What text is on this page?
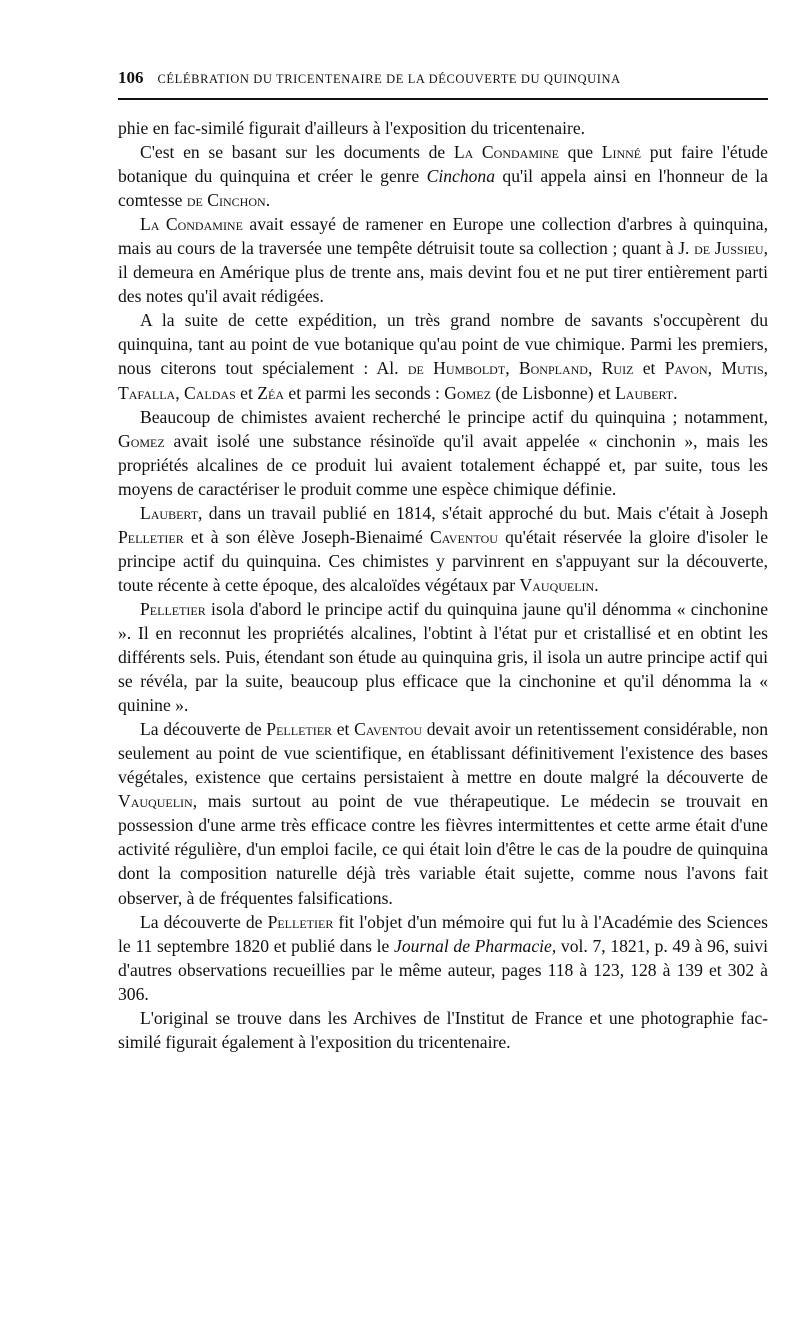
106 CÉLÉBRATION DU TRICENTENAIRE DE LA DÉCOUVERTE DU QUINQUINA

phie en fac-similé figurait d'ailleurs à l'exposition du tricentenaire.

C'est en se basant sur les documents de La Condamine que Linné put faire l'étude botanique du quinquina et créer le genre Cinchona qu'il appela ainsi en l'honneur de la comtesse de Cinchon.

La Condamine avait essayé de ramener en Europe une collection d'arbres à quinquina, mais au cours de la traversée une tempête détruisit toute sa collection ; quant à J. de Jussieu, il demeura en Amérique plus de trente ans, mais devint fou et ne put tirer entièrement parti des notes qu'il avait rédigées.

A la suite de cette expédition, un très grand nombre de savants s'occupèrent du quinquina, tant au point de vue botanique qu'au point de vue chimique. Parmi les premiers, nous citerons tout spécialement : Al. de Humboldt, Bonpland, Ruiz et Pavon, Mutis, Tafalla, Caldas et Zéa et parmi les seconds : Gomez (de Lisbonne) et Laubert.

Beaucoup de chimistes avaient recherché le principe actif du quinquina ; notamment, Gomez avait isolé une substance résinoïde qu'il avait appelée « cinchonin », mais les propriétés alcalines de ce produit lui avaient totalement échappé et, par suite, tous les moyens de caractériser le produit comme une espèce chimique définie.

Laubert, dans un travail publié en 1814, s'était approché du but. Mais c'était à Joseph Pelletier et à son élève Joseph-Bienaimé Caventou qu'était réservée la gloire d'isoler le principe actif du quinquina. Ces chimistes y parvinrent en s'appuyant sur la découverte, toute récente à cette époque, des alcaloïdes végétaux par Vauquelin.

Pelletier isola d'abord le principe actif du quinquina jaune qu'il dénomma « cinchonine ». Il en reconnut les propriétés alcalines, l'obtint à l'état pur et cristallisé et en obtint les différents sels. Puis, étendant son étude au quinquina gris, il isola un autre principe actif qui se révéla, par la suite, beaucoup plus efficace que la cinchonine et qu'il dénomma la « quinine ».

La découverte de Pelletier et Caventou devait avoir un retentissement considérable, non seulement au point de vue scientifique, en établissant définitivement l'existence des bases végétales, existence que certains persistaient à mettre en doute malgré la découverte de Vauquelin, mais surtout au point de vue thérapeutique. Le médecin se trouvait en possession d'une arme très efficace contre les fièvres intermittentes et cette arme était d'une activité régulière, d'un emploi facile, ce qui était loin d'être le cas de la poudre de quinquina dont la composition naturelle déjà très variable était sujette, comme nous l'avons fait observer, à de fréquentes falsifications.

La découverte de Pelletier fit l'objet d'un mémoire qui fut lu à l'Académie des Sciences le 11 septembre 1820 et publié dans le Journal de Pharmacie, vol. 7, 1821, p. 49 à 96, suivi d'autres observations recueillies par le même auteur, pages 118 à 123, 128 à 139 et 302 à 306.

L'original se trouve dans les Archives de l'Institut de France et une photographie fac-similé figurait également à l'exposition du tricentenaire.
